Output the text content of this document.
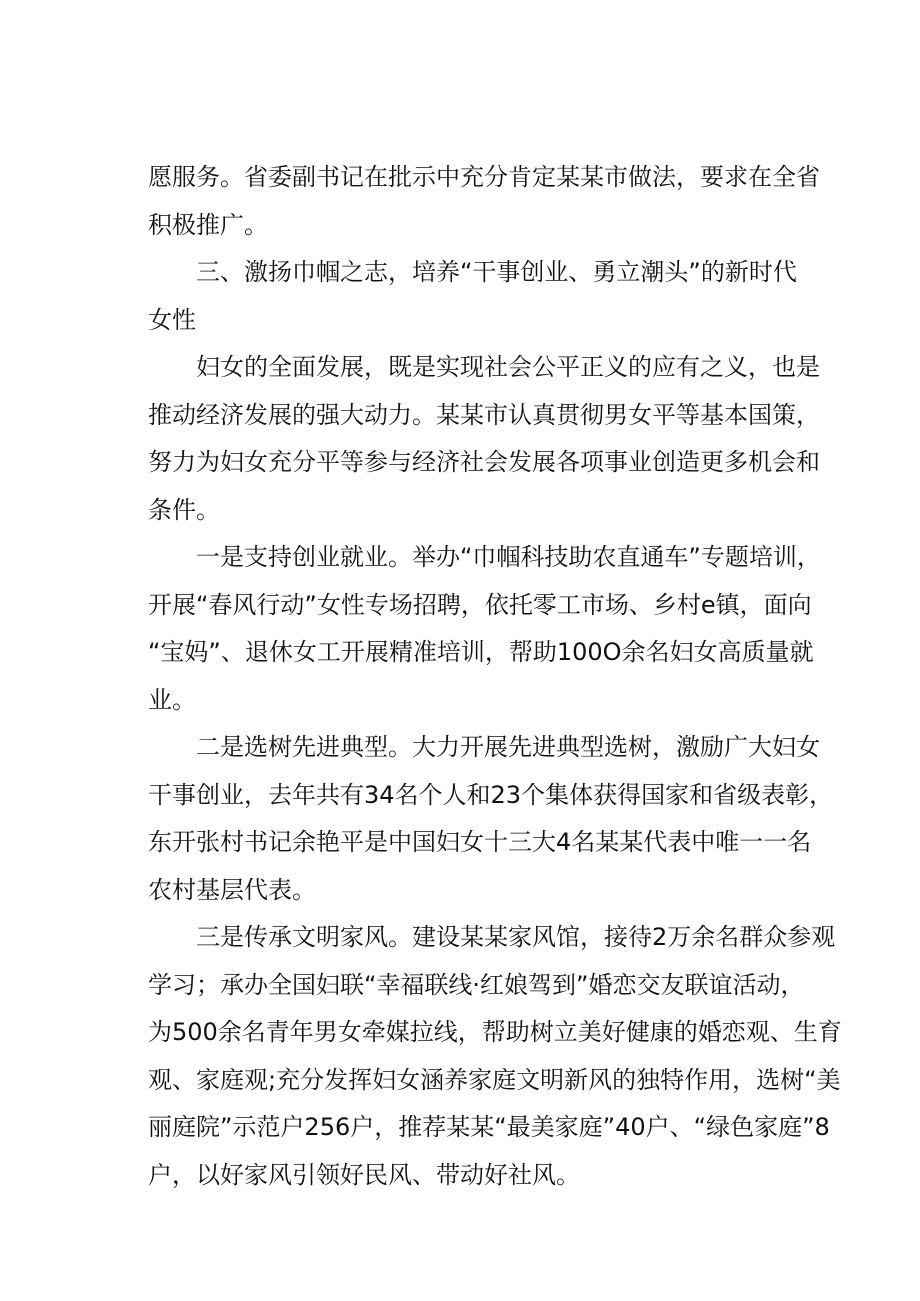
愿服务。省委副书记在批示中充分肯定某某市做法，要求在全省
积极推广。

三、激扬巾帼之志，培养“干事创业、勇立潮头”的新时代
女性

妇女的全面发展，既是实现社会公平正义的应有之义，也是
推动经济发展的强大动力。某某市认真贯彻男女平等基本国策，
努力为妇女充分平等参与经济社会发展各项事业创造更多机会和
条件。

一是支持创业就业。举办“巾帼科技助农直通车”专题培训，
开展“春风行动”女性专场招聘，依托零工市场、乡村e镇，面向
“宝妈”、退休女工开展精准培训，帮助100O余名妇女高质量就
业。

二是选树先进典型。大力开展先进典型选树，激励广大妇女
干事创业，去年共有34名个人和23个集体获得国家和省级表彰，
东开张村书记余艳平是中国妇女十三大4名某某代表中唯一一名
农村基层代表。

三是传承文明家风。建设某某家风馆，接待2万余名群众参观
学习；承办全国妇联“幸福联线·红娘驾到”婚恋交友联谊活动，
为500余名青年男女牵媒拉线，帮助树立美好健康的婚恋观、生育
观、家庭观;充分发挥妇女涵养家庭文明新风的独特作用，选树“美
丽庭院”示范户256户，推荐某某“最美家庭”40户、“绿色家庭”8
户，以好家风引领好民风、带动好社风。
